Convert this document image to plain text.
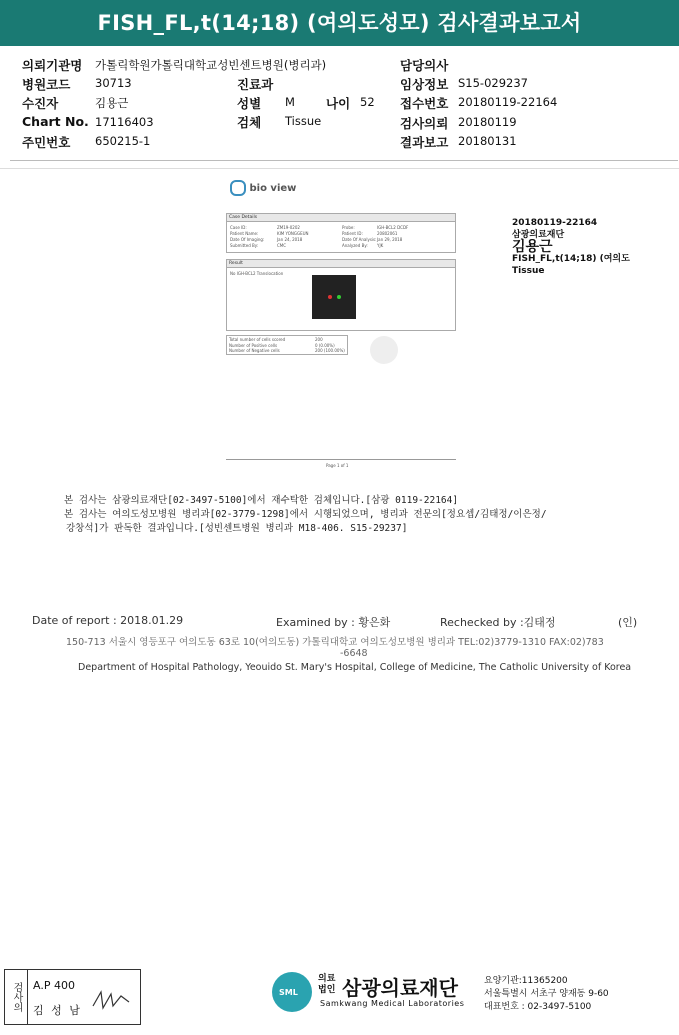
FISH_FL,t(14;18) (여의도성모) 검사결과보고서
의뢰기관명 가톨릭학원가톨릭대학교성빈센트병원(병리과)	담당의사
병원코드 30713	진료과	임상정보 S15-029237
수진자	김용근	성별 M 나이 52 접수번호 20180119-22164
Chart No. 17116403	검체 Tissue	검사의뢰 20180119
주민번호 650215-1	결과보고 20180131
bio view
Case Details
Case ID:	ZM19-0202
Patient Name:	KIM YONGGEUN
Date Of Imaging:	Jan 24, 2018
Submitted By:	CMC
Probe:	IGH-BCL2 DCDF
Patient ID:	20802061
Date Of Analysis: Jan 29, 2018
Analyzed By: YJK
Result
No IGH-BCL2 Translocation
Total number of cells scored	200
Number of Positive cells	0 (0.00%)
Number of Negative cells	200 (100.00%)
Page 1 of 1
20180119-22164
삼광의료재단
김용근
FISH_FL,t(14;18) (여의도
Tissue
본 검사는 삼광의료재단[02-3497-5100]에서 재수탁한 검체입니다.[삼광 0119-22164]
본 검사는 여의도성모병원 병리과[02-3779-1298]에서 시행되었으며, 병리과 전문의[정요셉/김태정/이은정/
강창석]가 판독한 결과입니다.[성빈센트병원 병리과 M18-406. S15-29237]
Date of report : 2018.01.29	Examined by : 황은화	Rechecked by :김태정	(인)
150-713 서울시 영등포구 여의도동 63로 10(여의도동) 가톨릭대학교 여의도성모병원 병리과 TEL:02)3779-1310 FAX:02)783
-6648
Department of Hospital Pathology, Yeouido St. Mary's Hospital, College of Medicine, The Catholic University of Korea
검사의	A.P 400
김 성 남
SML
의료
법인 삼광의료재단
Samkwang Medical Laboratories
요양기관:11365200
서울특별시 서초구 양재동 9-60
대표번호 : 02-3497-5100
